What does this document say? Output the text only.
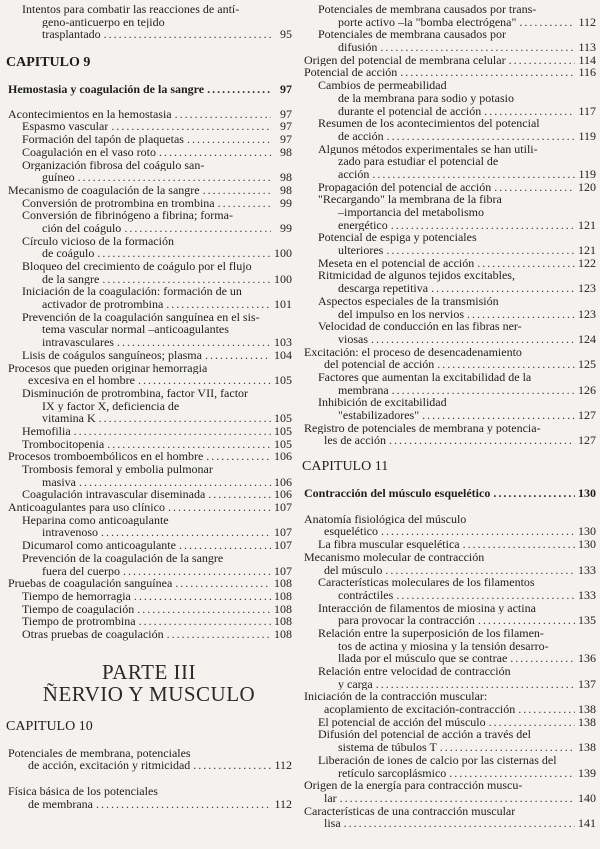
Intentos para combatir las reacciones de antí-
geno-anticuerpo en tejido
trasplantado . . .	95
CAPITULO 9
Hemostasia y coagulación de la sangre . . .	97
Acontecimientos en la hemostasia . . .	97
Espasmo vascular . . .	97
Formación del tapón de plaquetas . . .	97
Coagulación en el vaso roto . . .	98
Organización fibrosa del coágulo san-
guíneo . . .	98
Mecanismo de coagulación de la sangre . . .	98
Conversión de protrombina en trombina . . .	99
Conversión de fibrinógeno a fibrina; forma-
ción del coágulo . . .	99
Círculo vicioso de la formación
de coágulo . . .	100
Bloqueo del crecimiento de coágulo por el flujo
de la sangre . . .	100
Iniciación de la coagulación: formación de un
activador de protrombina . . .	101
Prevención de la coagulación sanguínea en el sis-
tema vascular normal –anticoagulantes
intravasculares . . .	103
Lisis de coágulos sanguíneos; plasma . . .	104
Procesos que pueden originar hemorragia
excesiva en el hombre . . .	105
Disminución de protrombina, factor VII, factor
IX y factor X, deficiencia de
vitamina K . . .	105
Hemofilia . . .	105
Trombocitopenia . . .	105
Procesos tromboembólicos en el hombre . . .	106
Trombosis femoral y embolia pulmonar
masiva . . .	106
Coagulación intravascular diseminada . . .	106
Anticoagulantes para uso clínico . . .	107
Heparina como anticoagulante
intravenoso . . .	107
Dicumarol como anticoagulante . . .	107
Prevención de la coagulación de la sangre
fuera del cuerpo . . .	107
Pruebas de coagulación sanguínea . . .	108
Tiempo de hemorragia . . .	108
Tiempo de coagulación . . .	108
Tiempo de protrombina . . .	108
Otras pruebas de coagulación . . .	108
PARTE III
ÑERVIO Y MUSCULO
CAPITULO 10
Potenciales de membrana, potenciales
de acción, excitación y ritmicidad . . .	112
Física básica de los potenciales
de membrana . . .	112
Potenciales de membrana causados por trans-
porte activo –la "bomba electrógena" . . .	112
Potenciales de membrana causados por
difusión . . .	113
Origen del potencial de membrana celular . . .	114
Potencial de acción . . .	116
Cambios de permeabilidad
de la membrana para sodio y potasio
durante el potencial de acción . . .	117
Resumen de los acontecimientos del potencial
de acción . . .	119
Algunos métodos experimentales se han utili-
zado para estudiar el potencial de
acción . . .	119
Propagación del potencial de acción . . .	120
"Recargando" la membrana de la fibra
–importancia del metabolismo
energético . . .	121
Potencial de espiga y potenciales
ulteriores . . .	121
Meseta en el potencial de acción . . .	122
Ritmicidad de algunos tejidos excitables,
descarga repetitiva . . .	123
Aspectos especiales de la transmisión
del impulso en los nervios . . .	123
Velocidad de conducción en las fibras ner-
viosas . . .	124
Excitación: el proceso de desencadenamiento
del potencial de acción . . .	125
Factores que aumentan la excitabilidad de la
membrana . . .	126
Inhibición de excitabilidad
"estabilizadores" . . .	127
Registro de potenciales de membrana y potencia-
les de acción . . .	127
CAPITULO 11
Contracción del músculo esquelético . . .	130
Anatomía fisiológica del músculo
esquelético . . .	130
La fibra muscular esquelética . . .	130
Mecanismo molecular de contracción
del músculo . . .	133
Características moleculares de los filamentos
contráctiles . . .	133
Interacción de filamentos de miosina y actina
para provocar la contracción . . .	135
Relación entre la superposición de los filamen-
tos de actina y miosina y la tensión desarro-
llada por el músculo que se contrae . . .	136
Relación entre velocidad de contracción
y carga . . .	137
Iniciación de la contracción muscular:
acoplamiento de excitación-contracción . . .	138
El potencial de acción del músculo . . .	138
Difusión del potencial de acción a través del
sistema de túbulos T . . .	138
Liberación de iones de calcio por las cisternas del
retículo sarcoplásmico . . .	139
Origen de la energía para contracción muscu-
lar . . .	140
Características de una contracción muscular
lisa . . .	141
